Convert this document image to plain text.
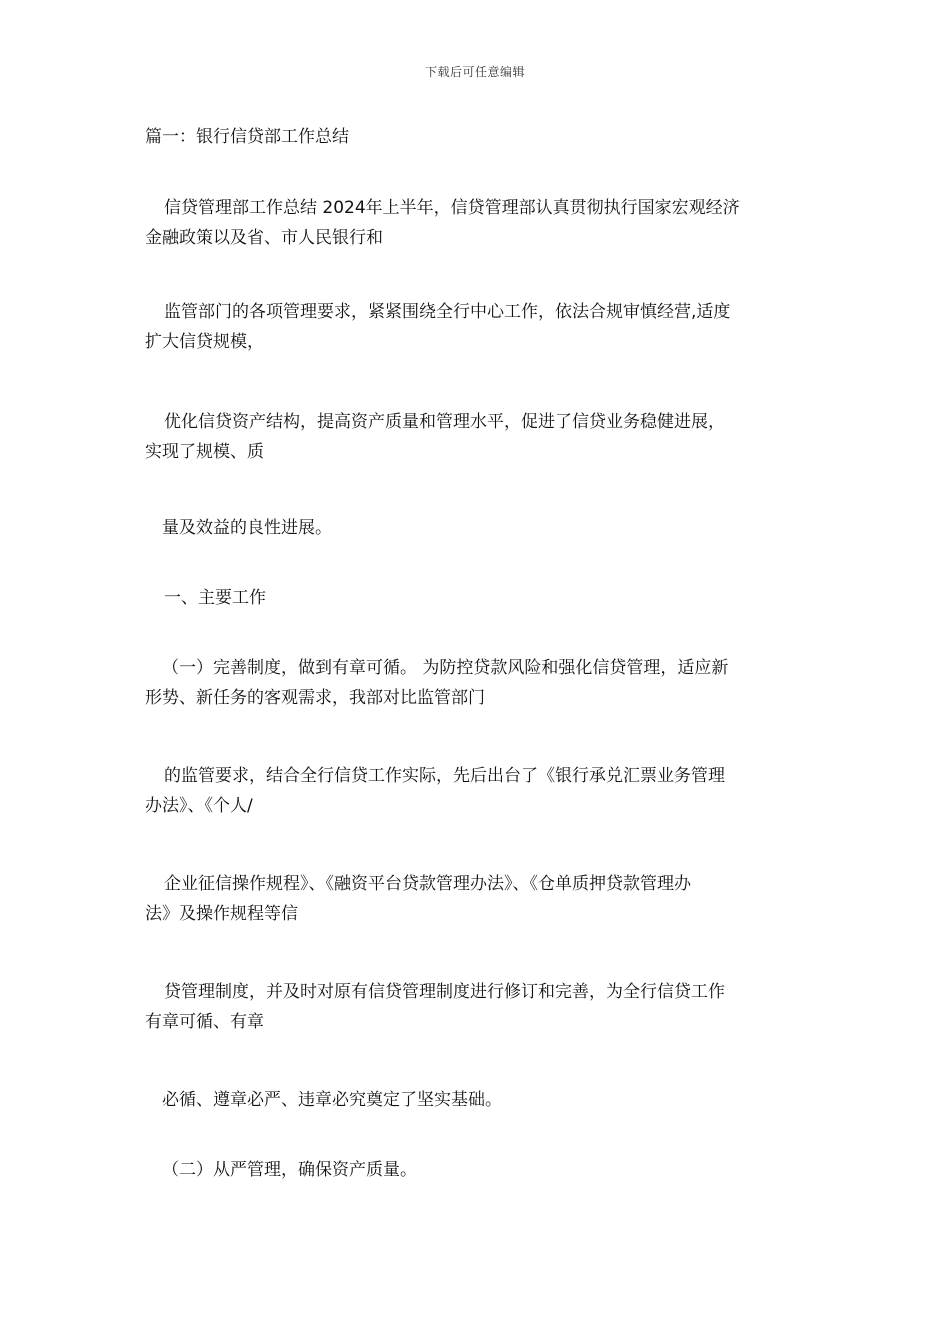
下载后可任意编辑
篇一：银行信贷部工作总结

信贷管理部工作总结 2024年上半年，信贷管理部认真贯彻执行国家宏观经济
金融政策以及省、市人民银行和

监管部门的各项管理要求，紧紧围绕全行中心工作，依法合规审慎经营,适度
扩大信贷规模，

优化信贷资产结构，提高资产质量和管理水平，促进了信贷业务稳健进展，
实现了规模、质

量及效益的良性进展。

一、主要工作

（一）完善制度，做到有章可循。 为防控贷款风险和强化信贷管理，适应新
形势、新任务的客观需求，我部对比监管部门

的监管要求，结合全行信贷工作实际，先后出台了《银行承兑汇票业务管理
办法》、《个人/

企业征信操作规程》、《融资平台贷款管理办法》、《仓单质押贷款管理办
法》及操作规程等信

贷管理制度，并及时对原有信贷管理制度进行修订和完善，为全行信贷工作
有章可循、有章

必循、遵章必严、违章必究奠定了坚实基础。

（二）从严管理，确保资产质量。
